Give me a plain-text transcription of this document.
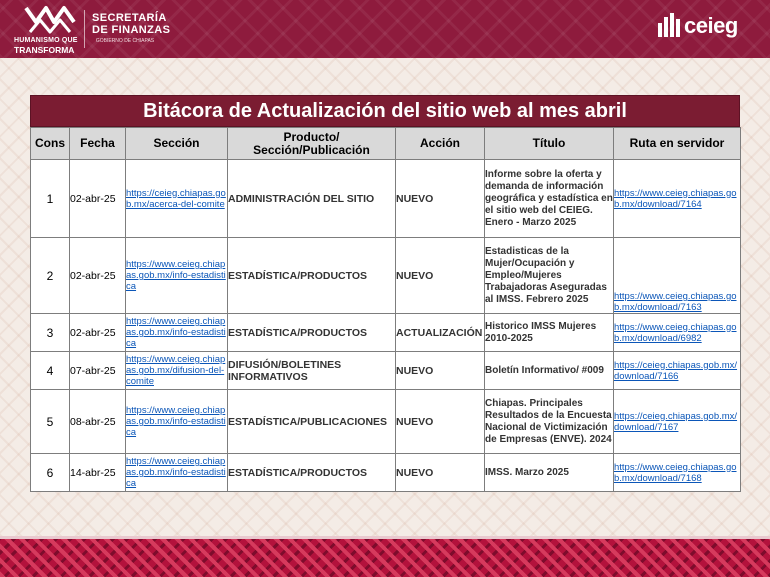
HUMANISMO QUE
TRANSFORMA
SECRETARÍA
DE FINANZAS
GOBIERNO DE CHIAPAS
ceieg
Bitácora de Actualización del sitio web al mes abril
Cons	Fecha	Sección	Producto/ Sección/Publicación	Acción	Título	Ruta en servidor
1	02-abr-25	https://ceieg.chiapas.gob.mx/acerca-del-comite	ADMINISTRACIÓN DEL SITIO	NUEVO	Informe sobre la oferta y demanda de información geográfica y estadística en el sitio web del CEIEG. Enero - Marzo 2025	https://www.ceieg.chiapas.gob.mx/download/7164
2	02-abr-25	https://www.ceieg.chiapas.gob.mx/info-estadistica	ESTADÍSTICA/PRODUCTOS	NUEVO	Estadisticas de la Mujer/Ocupación y Empleo/Mujeres Trabajadoras Aseguradas al IMSS. Febrero 2025	https://www.ceieg.chiapas.gob.mx/download/7163
3	02-abr-25	https://www.ceieg.chiapas.gob.mx/info-estadistica	ESTADÍSTICA/PRODUCTOS	ACTUALIZACIÓN	Historico IMSS Mujeres 2010-2025	https://www.ceieg.chiapas.gob.mx/download/6982
4	07-abr-25	https://www.ceieg.chiapas.gob.mx/difusion-del-comite	DIFUSIÓN/BOLETINES INFORMATIVOS	NUEVO	Boletín Informativo/ #009	https://ceieg.chiapas.gob.mx/download/7166
5	08-abr-25	https://www.ceieg.chiapas.gob.mx/info-estadistica	ESTADÍSTICA/PUBLICACIONES	NUEVO	Chiapas. Principales Resultados de la Encuesta Nacional de Victimización de Empresas (ENVE). 2024	https://ceieg.chiapas.gob.mx/download/7167
6	14-abr-25	https://www.ceieg.chiapas.gob.mx/info-estadistica	ESTADÍSTICA/PRODUCTOS	NUEVO	IMSS. Marzo 2025	https://www.ceieg.chiapas.gob.mx/download/7168
